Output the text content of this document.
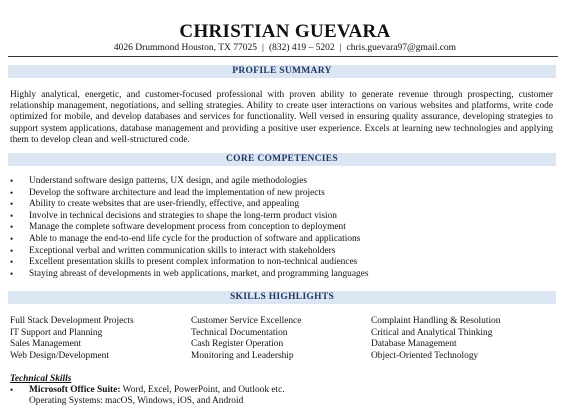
CHRISTIAN GUEVARA
4026 Drummond Houston, TX 77025 | (832) 419 – 5202 | chris.guevara97@gmail.com
PROFILE SUMMARY
Highly analytical, energetic, and customer-focused professional with proven ability to generate revenue through prospecting, customer relationship management, negotiations, and selling strategies. Ability to create user interactions on various websites and platforms, write code optimized for mobile, and develop databases and services for functionality. Well versed in ensuring quality assurance, developing strategies to support system applications, database management and providing a positive user experience. Excels at learning new technologies and applying them to develop clean and well-structured code.
CORE COMPETENCIES
• Understand software design patterns, UX design, and agile methodologies
• Develop the software architecture and lead the implementation of new projects
• Ability to create websites that are user-friendly, effective, and appealing
• Involve in technical decisions and strategies to shape the long-term product vision
• Manage the complete software development process from conception to deployment
• Able to manage the end-to-end life cycle for the production of software and applications
• Exceptional verbal and written communication skills to interact with stakeholders
• Excellent presentation skills to present complex information to non-technical audiences
• Staying abreast of developments in web applications, market, and programming languages
SKILLS HIGHLIGHTS
Full Stack Development Projects
IT Support and Planning
Sales Management
Web Design/Development
Customer Service Excellence
Technical Documentation
Cash Register Operation
Monitoring and Leadership
Complaint Handling & Resolution
Critical and Analytical Thinking
Database Management
Object-Oriented Technology
Technical Skills
• Microsoft Office Suite: Word, Excel, PowerPoint, and Outlook etc.
Operating Systems: macOS, Windows, iOS, and Android
